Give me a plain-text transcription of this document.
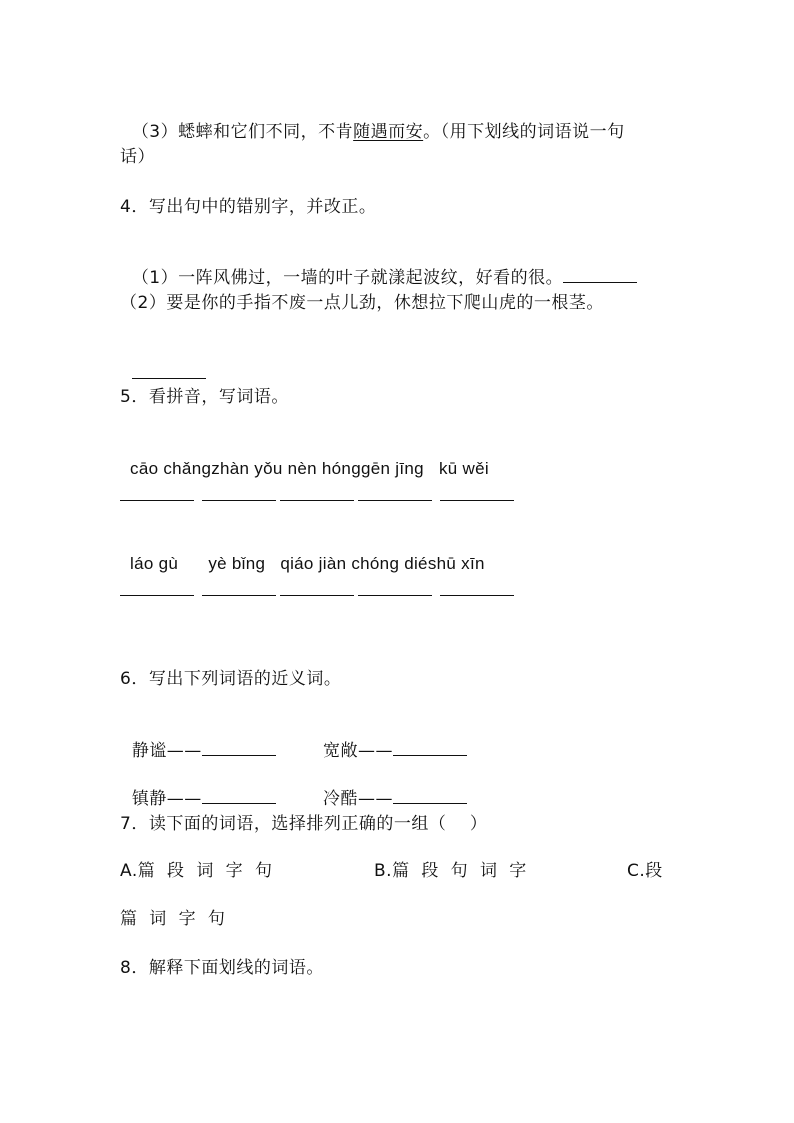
（3）蟋蟀和它们不同，不肯随遇而安。（用下划线的词语说一句

话）
4．写出句中的错别字，并改正。

（1）一阵风佛过，一墙的叶子就漾起波纹，好看的很。

（2）要是你的手指不废一点儿劲，休想拉下爬山虎的一根茎。

5．看拼音，写词语。

cāo chǎngzhàn yǒu nèn hónggēn jīng kū wěi

láo gù yè bǐng qiáo jiàn chóng diéshū xīn

6．写出下列词语的近义词。

静谧——	宽敞——

镇静——	冷酷——

7．读下面的词语，选择排列正确的一组（    ）
A.篇  段  词  字  句	B.篇  段  句  词  字	C.段
篇  词  字  句
8．解释下面划线的词语。
